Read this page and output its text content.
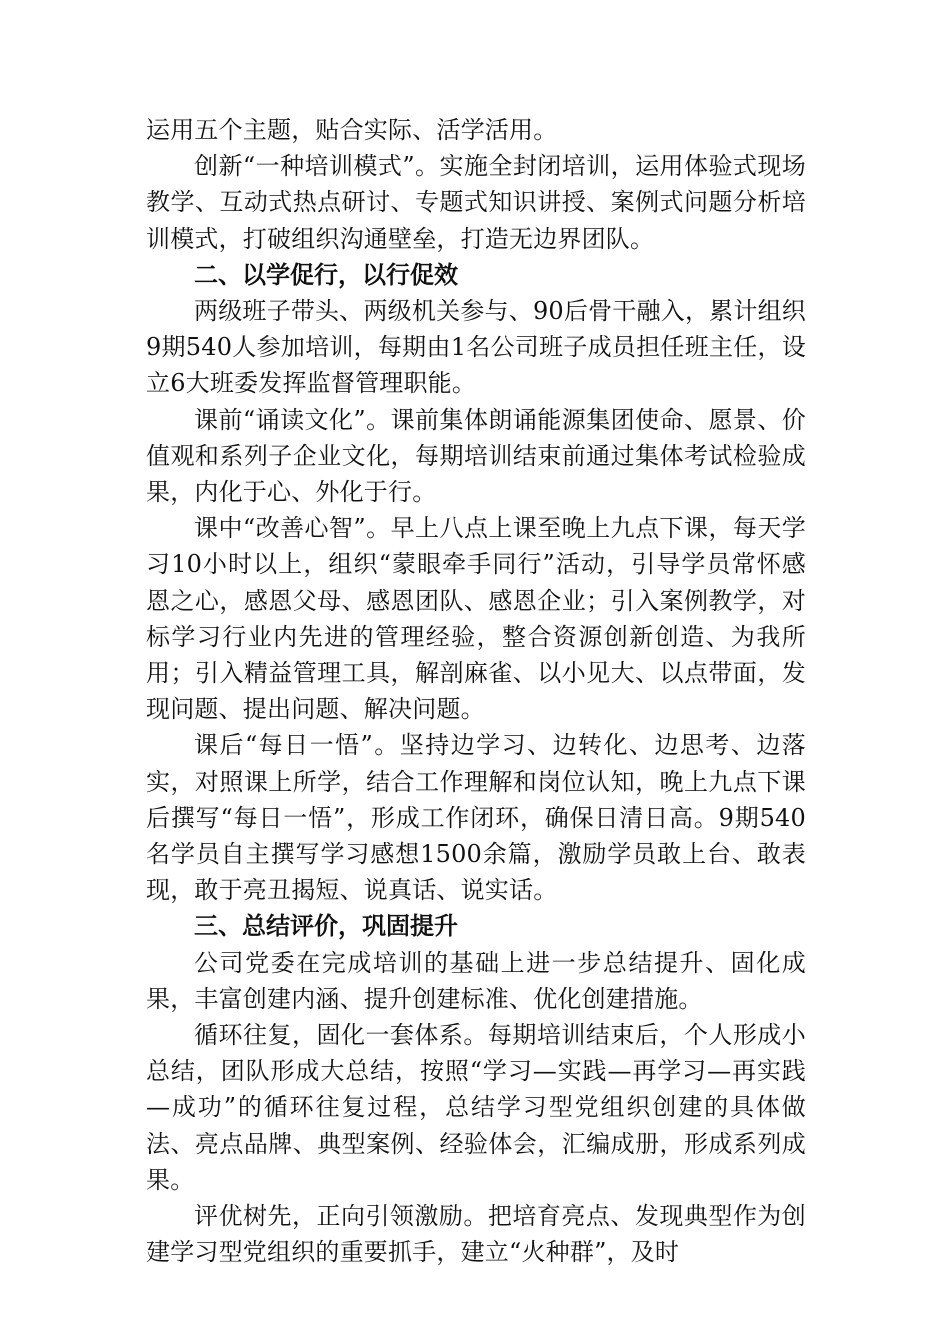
运用五个主题，贴合实际、活学活用。

创新“一种培训模式”。实施全封闭培训，运用体验式现场教学、互动式热点研讨、专题式知识讲授、案例式问题分析培训模式，打破组织沟通壁垒，打造无边界团队。

二、以学促行，以行促效

两级班子带头、两级机关参与、90后骨干融入，累计组织9期540人参加培训，每期由1名公司班子成员担任班主任，设立6大班委发挥监督管理职能。

课前“诵读文化”。课前集体朗诵能源集团使命、愿景、价值观和系列子企业文化，每期培训结束前通过集体考试检验成果，内化于心、外化于行。

课中“改善心智”。早上八点上课至晚上九点下课，每天学习10小时以上，组织“蒙眼牵手同行”活动，引导学员常怀感恩之心，感恩父母、感恩团队、感恩企业；引入案例教学，对标学习行业内先进的管理经验，整合资源创新创造、为我所用；引入精益管理工具，解剖麻雀、以小见大、以点带面，发现问题、提出问题、解决问题。

课后“每日一悟”。坚持边学习、边转化、边思考、边落实，对照课上所学，结合工作理解和岗位认知，晚上九点下课后撰写“每日一悟”，形成工作闭环，确保日清日高。9期540名学员自主撰写学习感想1500余篇，激励学员敢上台、敢表现，敢于亮丑揭短、说真话、说实话。

三、总结评价，巩固提升

公司党委在完成培训的基础上进一步总结提升、固化成果，丰富创建内涵、提升创建标准、优化创建措施。

循环往复，固化一套体系。每期培训结束后，个人形成小总结，团队形成大总结，按照“学习—实践—再学习—再实践—成功”的循环往复过程，总结学习型党组织创建的具体做法、亮点品牌、典型案例、经验体会，汇编成册，形成系列成果。

评优树先，正向引领激励。把培育亮点、发现典型作为创建学习型党组织的重要抓手，建立“火种群”，及时
